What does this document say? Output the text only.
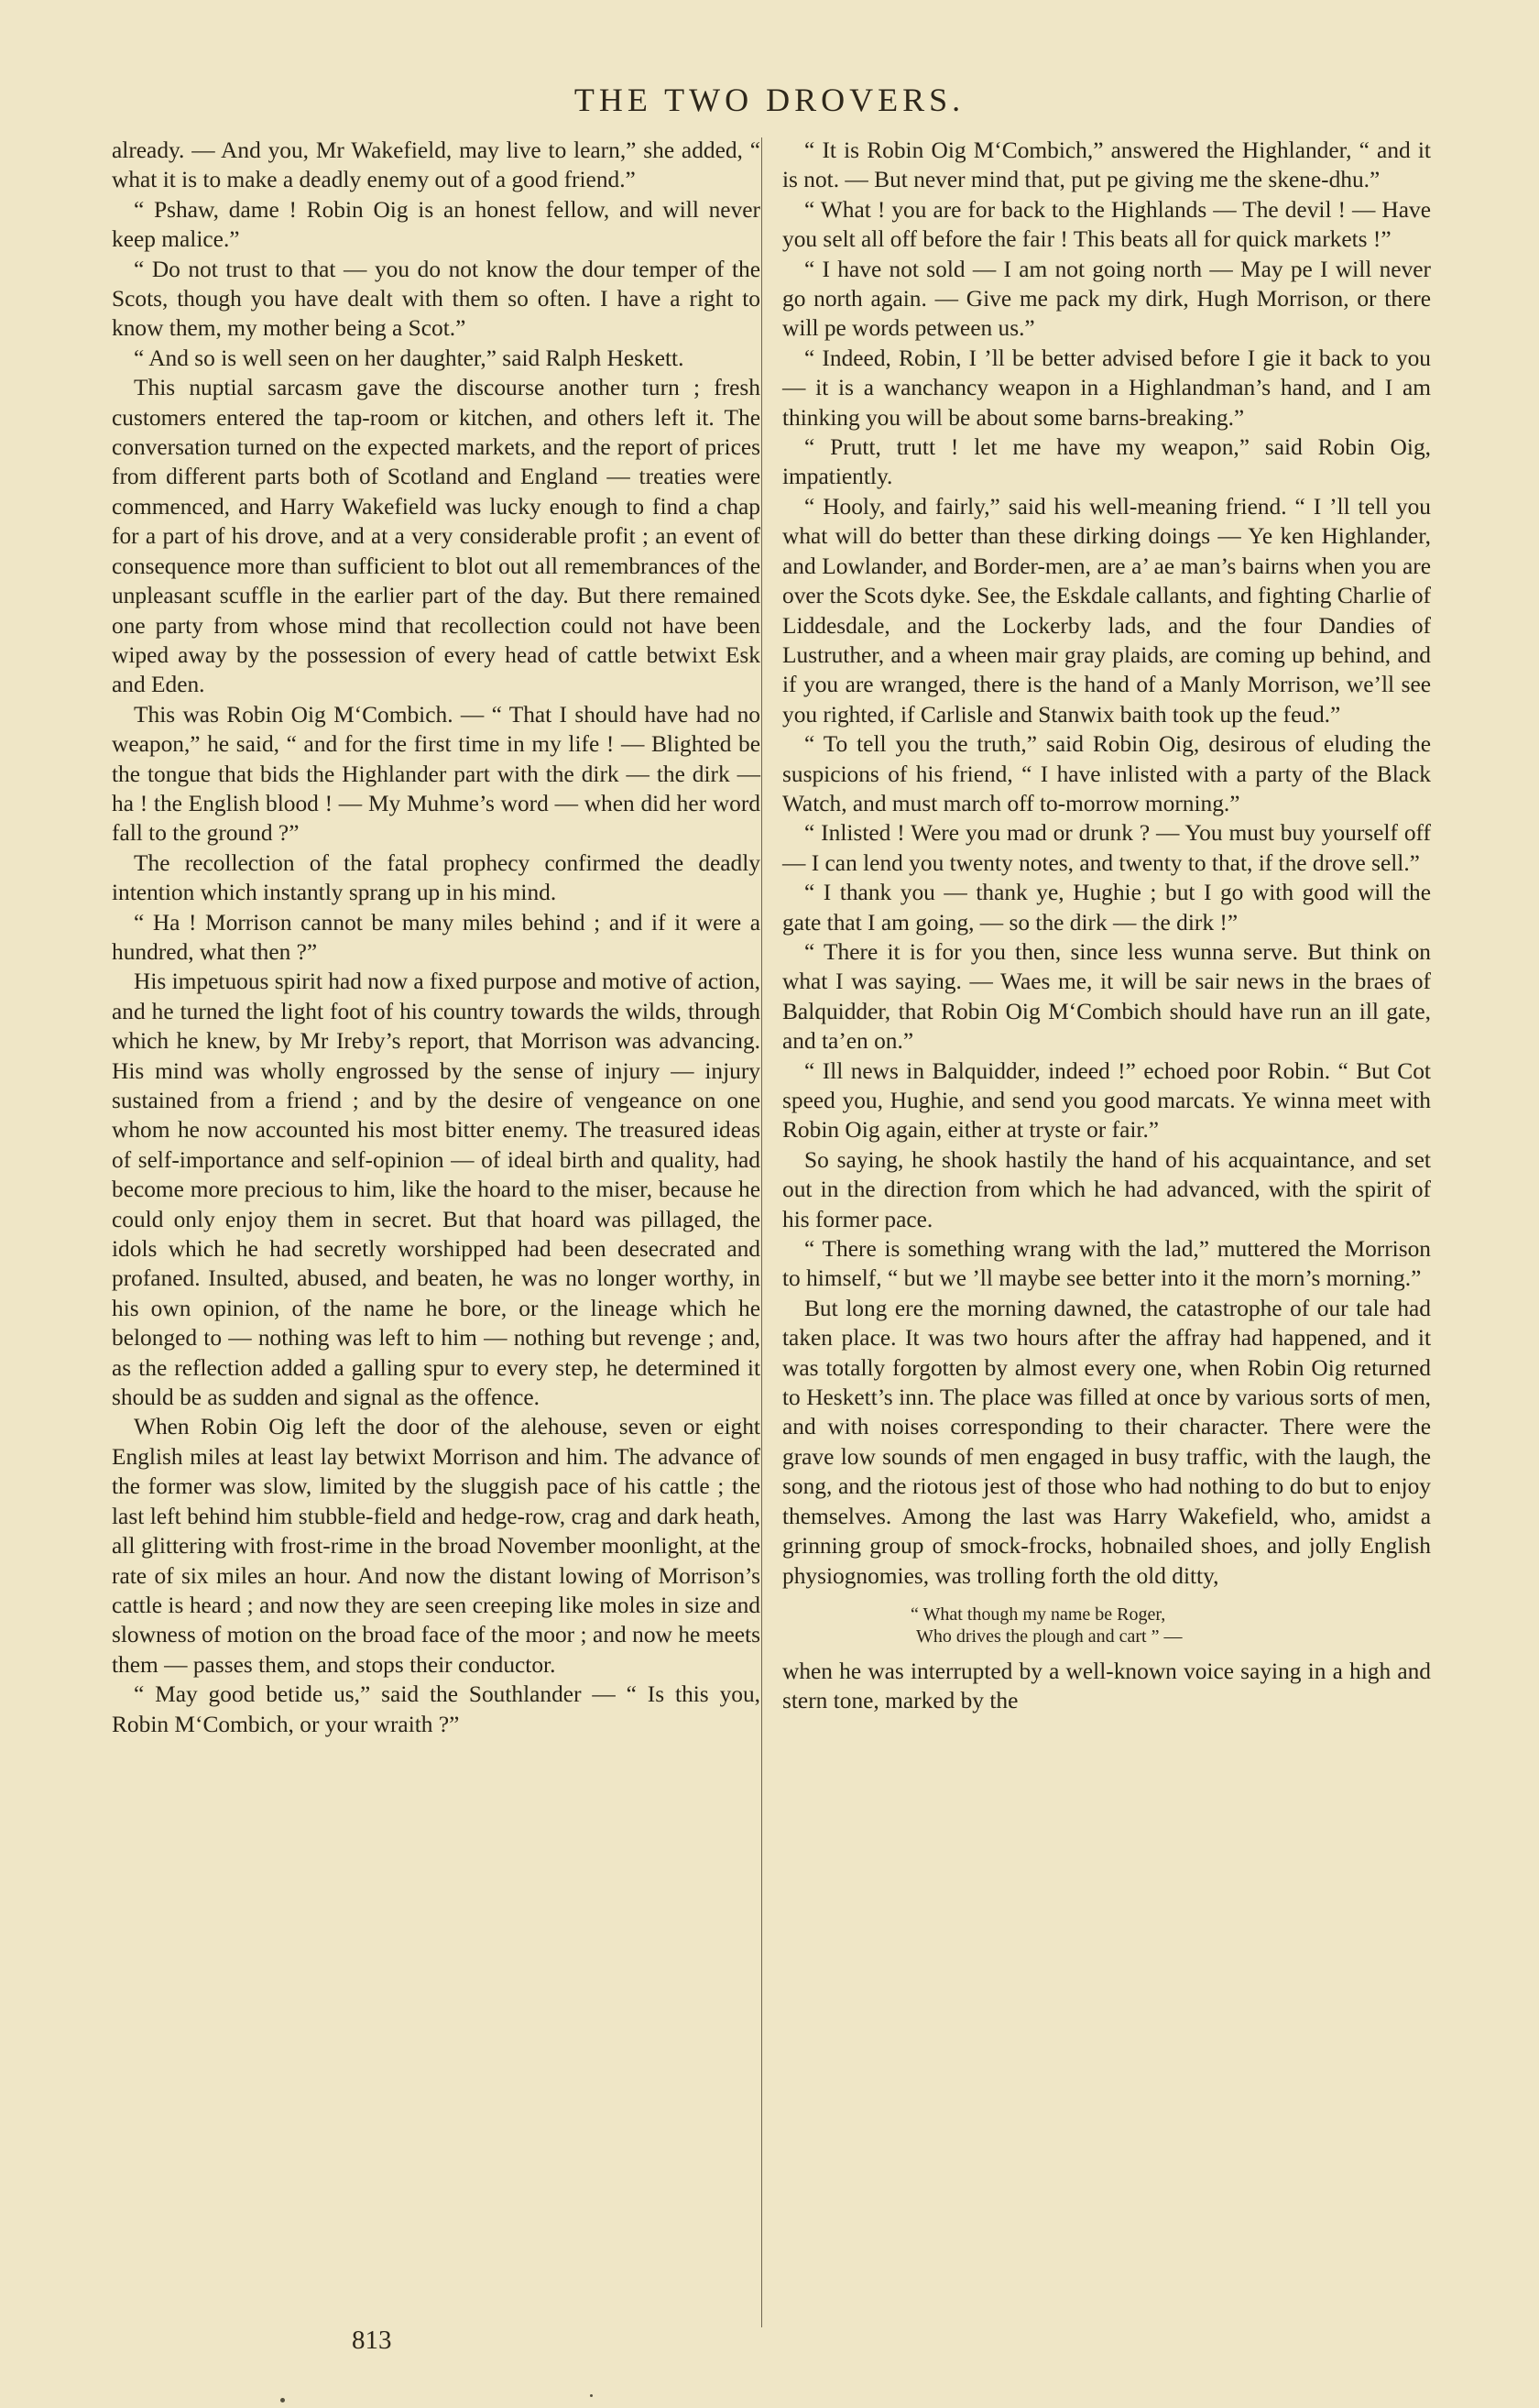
THE TWO DROVERS.

already. — And you, Mr Wakefield, may live to learn,” she added, “ what it is to make a deadly enemy out of a good friend.”

“ Pshaw, dame ! Robin Oig is an honest fellow, and will never keep malice.”

“ Do not trust to that — you do not know the dour temper of the Scots, though you have dealt with them so often. I have a right to know them, my mother being a Scot.”

“ And so is well seen on her daughter,” said Ralph Heskett.

This nuptial sarcasm gave the discourse another turn ; fresh customers entered the tap-room or kitchen, and others left it. The conversation turned on the expected markets, and the report of prices from different parts both of Scotland and England — treaties were commenced, and Harry Wakefield was lucky enough to find a chap for a part of his drove, and at a very considerable profit ; an event of consequence more than sufficient to blot out all remembrances of the unpleasant scuffle in the earlier part of the day. But there remained one party from whose mind that recollection could not have been wiped away by the possession of every head of cattle betwixt Esk and Eden.

This was Robin Oig M‘Combich. — “ That I should have had no weapon,” he said, “ and for the first time in my life ! — Blighted be the tongue that bids the Highlander part with the dirk — the dirk — ha ! the English blood ! — My Muhme’s word — when did her word fall to the ground ?”

The recollection of the fatal prophecy confirmed the deadly intention which instantly sprang up in his mind.

“ Ha ! Morrison cannot be many miles behind ; and if it were a hundred, what then ?”

His impetuous spirit had now a fixed purpose and motive of action, and he turned the light foot of his country towards the wilds, through which he knew, by Mr Ireby’s report, that Morrison was advancing. His mind was wholly engrossed by the sense of injury — injury sustained from a friend ; and by the desire of vengeance on one whom he now accounted his most bitter enemy. The treasured ideas of self-importance and self-opinion — of ideal birth and quality, had become more precious to him, like the hoard to the miser, because he could only enjoy them in secret. But that hoard was pillaged, the idols which he had secretly worshipped had been desecrated and profaned. Insulted, abused, and beaten, he was no longer worthy, in his own opinion, of the name he bore, or the lineage which he belonged to — nothing was left to him — nothing but revenge ; and, as the reflection added a galling spur to every step, he determined it should be as sudden and signal as the offence.

When Robin Oig left the door of the alehouse, seven or eight English miles at least lay betwixt Morrison and him. The advance of the former was slow, limited by the sluggish pace of his cattle ; the last left behind him stubble-field and hedge-row, crag and dark heath, all glittering with frost-rime in the broad November moonlight, at the rate of six miles an hour. And now the distant lowing of Morrison’s cattle is heard ; and now they are seen creeping like moles in size and slowness of motion on the broad face of the moor ; and now he meets them — passes them, and stops their conductor.

“ May good betide us,” said the Southlander — “ Is this you, Robin M‘Combich, or your wraith ?”

“ It is Robin Oig M‘Combich,” answered the Highlander, “ and it is not. — But never mind that, put pe giving me the skene-dhu.”

“ What ! you are for back to the Highlands — The devil ! — Have you selt all off before the fair ! This beats all for quick markets !”

“ I have not sold — I am not going north — May pe I will never go north again. — Give me pack my dirk, Hugh Morrison, or there will pe words petween us.”

“ Indeed, Robin, I ’ll be better advised before I gie it back to you — it is a wanchancy weapon in a Highlandman’s hand, and I am thinking you will be about some barns-breaking.”

“ Prutt, trutt ! let me have my weapon,” said Robin Oig, impatiently.

“ Hooly, and fairly,” said his well-meaning friend. “ I ’ll tell you what will do better than these dirking doings — Ye ken Highlander, and Lowlander, and Border-men, are a’ ae man’s bairns when you are over the Scots dyke. See, the Eskdale callants, and fighting Charlie of Liddesdale, and the Lockerby lads, and the four Dandies of Lustruther, and a wheen mair gray plaids, are coming up behind, and if you are wranged, there is the hand of a Manly Morrison, we’ll see you righted, if Carlisle and Stanwix baith took up the feud.”

“ To tell you the truth,” said Robin Oig, desirous of eluding the suspicions of his friend, “ I have inlisted with a party of the Black Watch, and must march off to-morrow morning.”

“ Inlisted ! Were you mad or drunk ? — You must buy yourself off — I can lend you twenty notes, and twenty to that, if the drove sell.”

“ I thank you — thank ye, Hughie ; but I go with good will the gate that I am going, — so the dirk — the dirk !”

“ There it is for you then, since less wunna serve. But think on what I was saying. — Waes me, it will be sair news in the braes of Balquidder, that Robin Oig M‘Combich should have run an ill gate, and ta’en on.”

“ Ill news in Balquidder, indeed !” echoed poor Robin. “ But Cot speed you, Hughie, and send you good marcats. Ye winna meet with Robin Oig again, either at tryste or fair.”

So saying, he shook hastily the hand of his acquaintance, and set out in the direction from which he had advanced, with the spirit of his former pace.

“ There is something wrang with the lad,” muttered the Morrison to himself, “ but we ’ll maybe see better into it the morn’s morning.”

But long ere the morning dawned, the catastrophe of our tale had taken place. It was two hours after the affray had happened, and it was totally forgotten by almost every one, when Robin Oig returned to Heskett’s inn. The place was filled at once by various sorts of men, and with noises corresponding to their character. There were the grave low sounds of men engaged in busy traffic, with the laugh, the song, and the riotous jest of those who had nothing to do but to enjoy themselves. Among the last was Harry Wakefield, who, amidst a grinning group of smock-frocks, hobnailed shoes, and jolly English physiognomies, was trolling forth the old ditty,

“ What though my name be Roger,
Who drives the plough and cart ” —

when he was interrupted by a well-known voice saying in a high and stern tone, marked by the

813
